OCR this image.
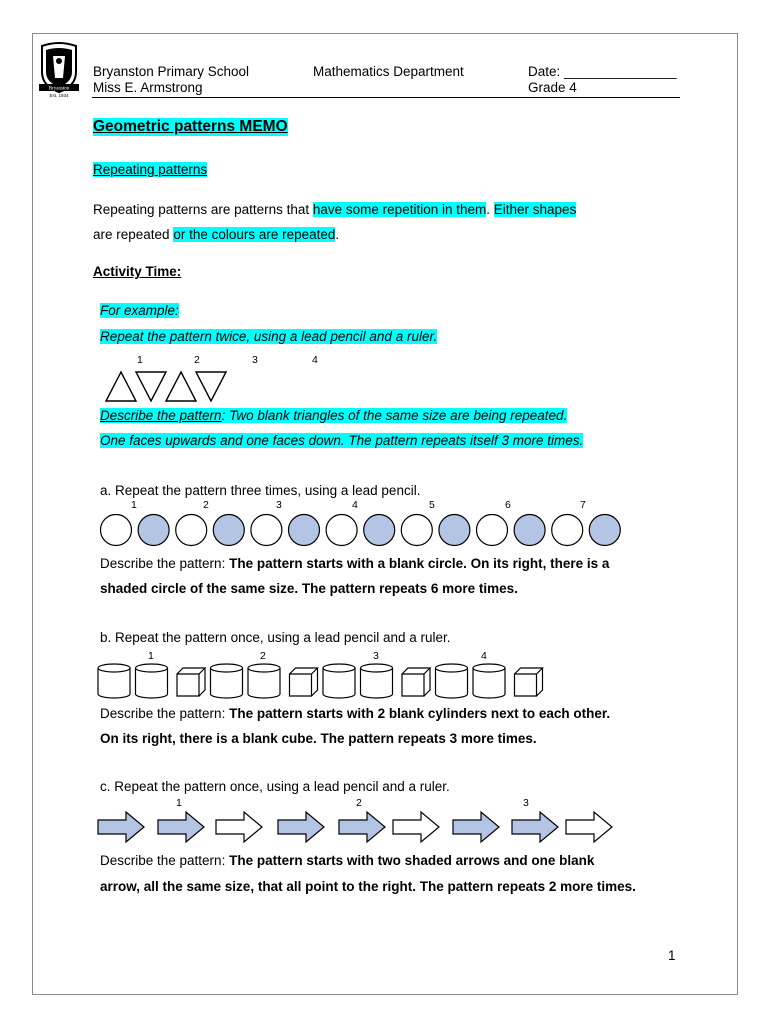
Bryanston
Est. 1934
Bryanston Primary School	Mathematics Department	Date: _______________
Miss E. Armstrong	Grade 4
Geometric patterns MEMO
Repeating patterns
Repeating patterns are patterns that have some repetition in them. Either shapes
are repeated or the colours are repeated.
Activity Time:
For example:
Repeat the pattern twice, using a lead pencil and a ruler.
1	2	3	4
Describe the pattern: Two blank triangles of the same size are being repeated.
One faces upwards and one faces down. The pattern repeats itself 3 more times.
a. Repeat the pattern three times, using a lead pencil.
1	2	3	4	5	6	7
Describe the pattern: The pattern starts with a blank circle. On its right, there is a
shaded circle of the same size. The pattern repeats 6 more times.
b. Repeat the pattern once, using a lead pencil and a ruler.
1	2	3	4
Describe the pattern: The pattern starts with 2 blank cylinders next to each other.
On its right, there is a blank cube. The pattern repeats 3 more times.
c. Repeat the pattern once, using a lead pencil and a ruler.
1	2	3
Describe the pattern: The pattern starts with two shaded arrows and one blank
arrow, all the same size, that all point to the right. The pattern repeats 2 more times.
1
